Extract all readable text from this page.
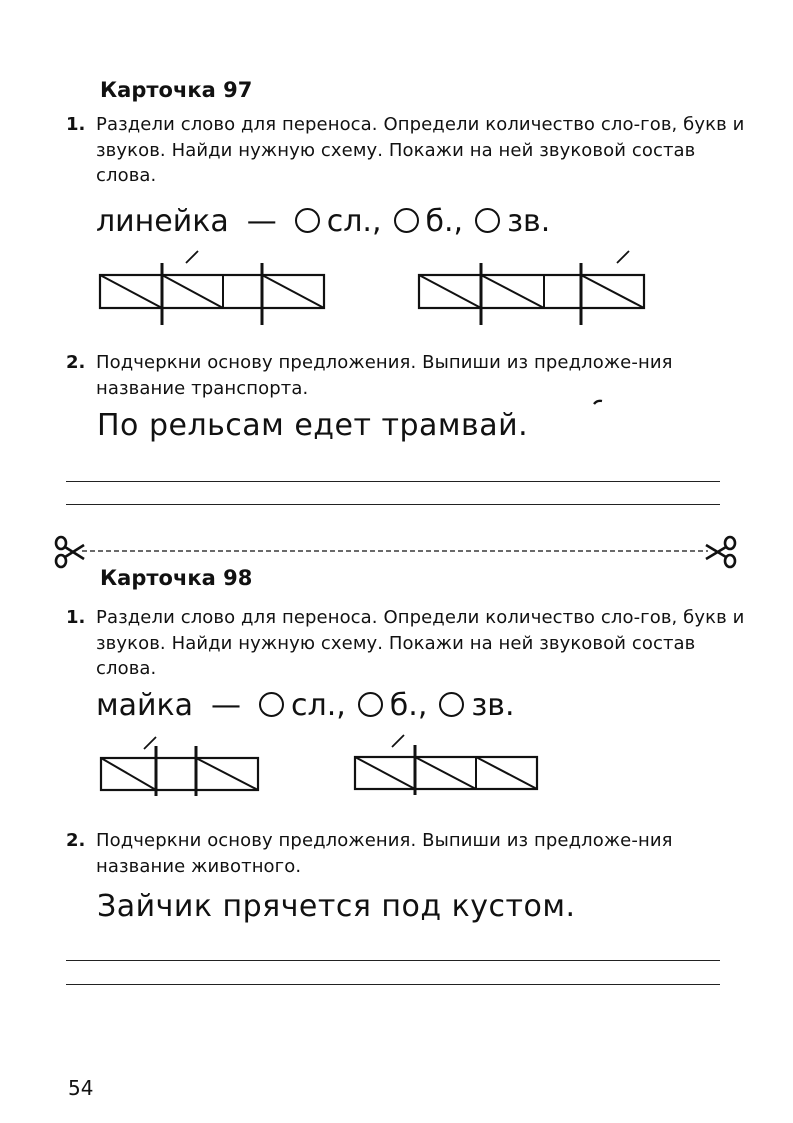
Карточка 97
1. Раздели слово для переноса. Определи количество сло-гов, букв и звуков. Найди нужную схему. Покажи на ней звуковой состав слова.
линейка — сл., б., зв.
2. Подчеркни основу предложения. Выпиши из предложе-ния название транспорта.
По рельсам едет трамвай.
Карточка 98
1. Раздели слово для переноса. Определи количество сло-гов, букв и звуков. Найди нужную схему. Покажи на ней звуковой состав слова.
майка — сл., б., зв.
2. Подчеркни основу предложения. Выпиши из предложе-ния название животного.
Зайчик прячется под кустом.
54
